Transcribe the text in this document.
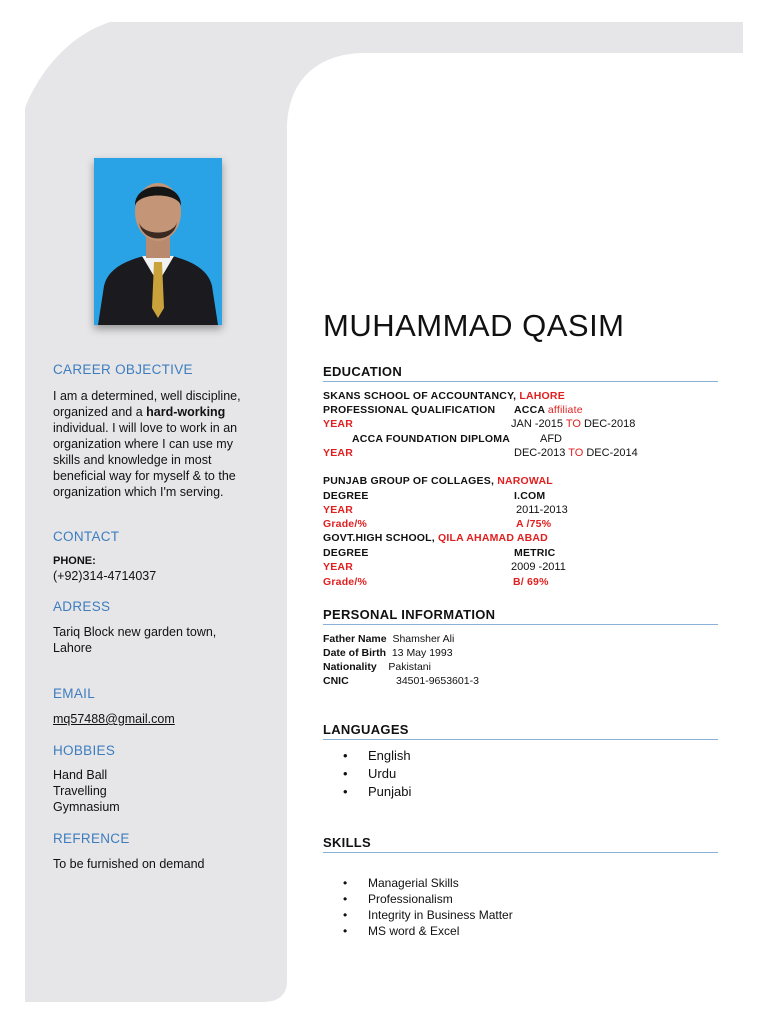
MUHAMMAD QASIM
CAREER OBJECTIVE
I am a determined, well discipline,
organized and a hard-working
individual. I will love to work in an
organization where I can use my
skills and knowledge in most
beneficial way for myself & to the
organization which I'm serving.
CONTACT
PHONE:
(+92)314-4714037
ADRESS
Tariq Block new garden town,
Lahore
EMAIL
mq57488@gmail.com
HOBBIES
Hand Ball
Travelling
Gymnasium
REFRENCE
To be furnished on demand
EDUCATION
SKANS SCHOOL OF ACCOUNTANCY, LAHORE
PROFESSIONAL QUALIFICATION ACCA affiliate
YEAR	JAN -2015 TO DEC-2018
ACCA FOUNDATION DIPLOMA	AFD
YEAR	DEC-2013 TO DEC-2014
PUNJAB GROUP OF COLLAGES, NAROWAL
DEGREE	I.COM
YEAR	2011-2013
Grade/%	A /75%
GOVT.HIGH SCHOOL, QILA AHAMAD ABAD
DEGREE	METRIC
YEAR	2009 -2011
Grade/%	B/ 69%
PERSONAL INFORMATION
Father Name Shamsher Ali
Date of Birth 13 May 1993
Nationality Pakistani
CNIC	34501-9653601-3
LANGUAGES
• English
• Urdu
• Punjabi
SKILLS
• Managerial Skills
• Professionalism
• Integrity in Business Matter
• MS word & Excel
